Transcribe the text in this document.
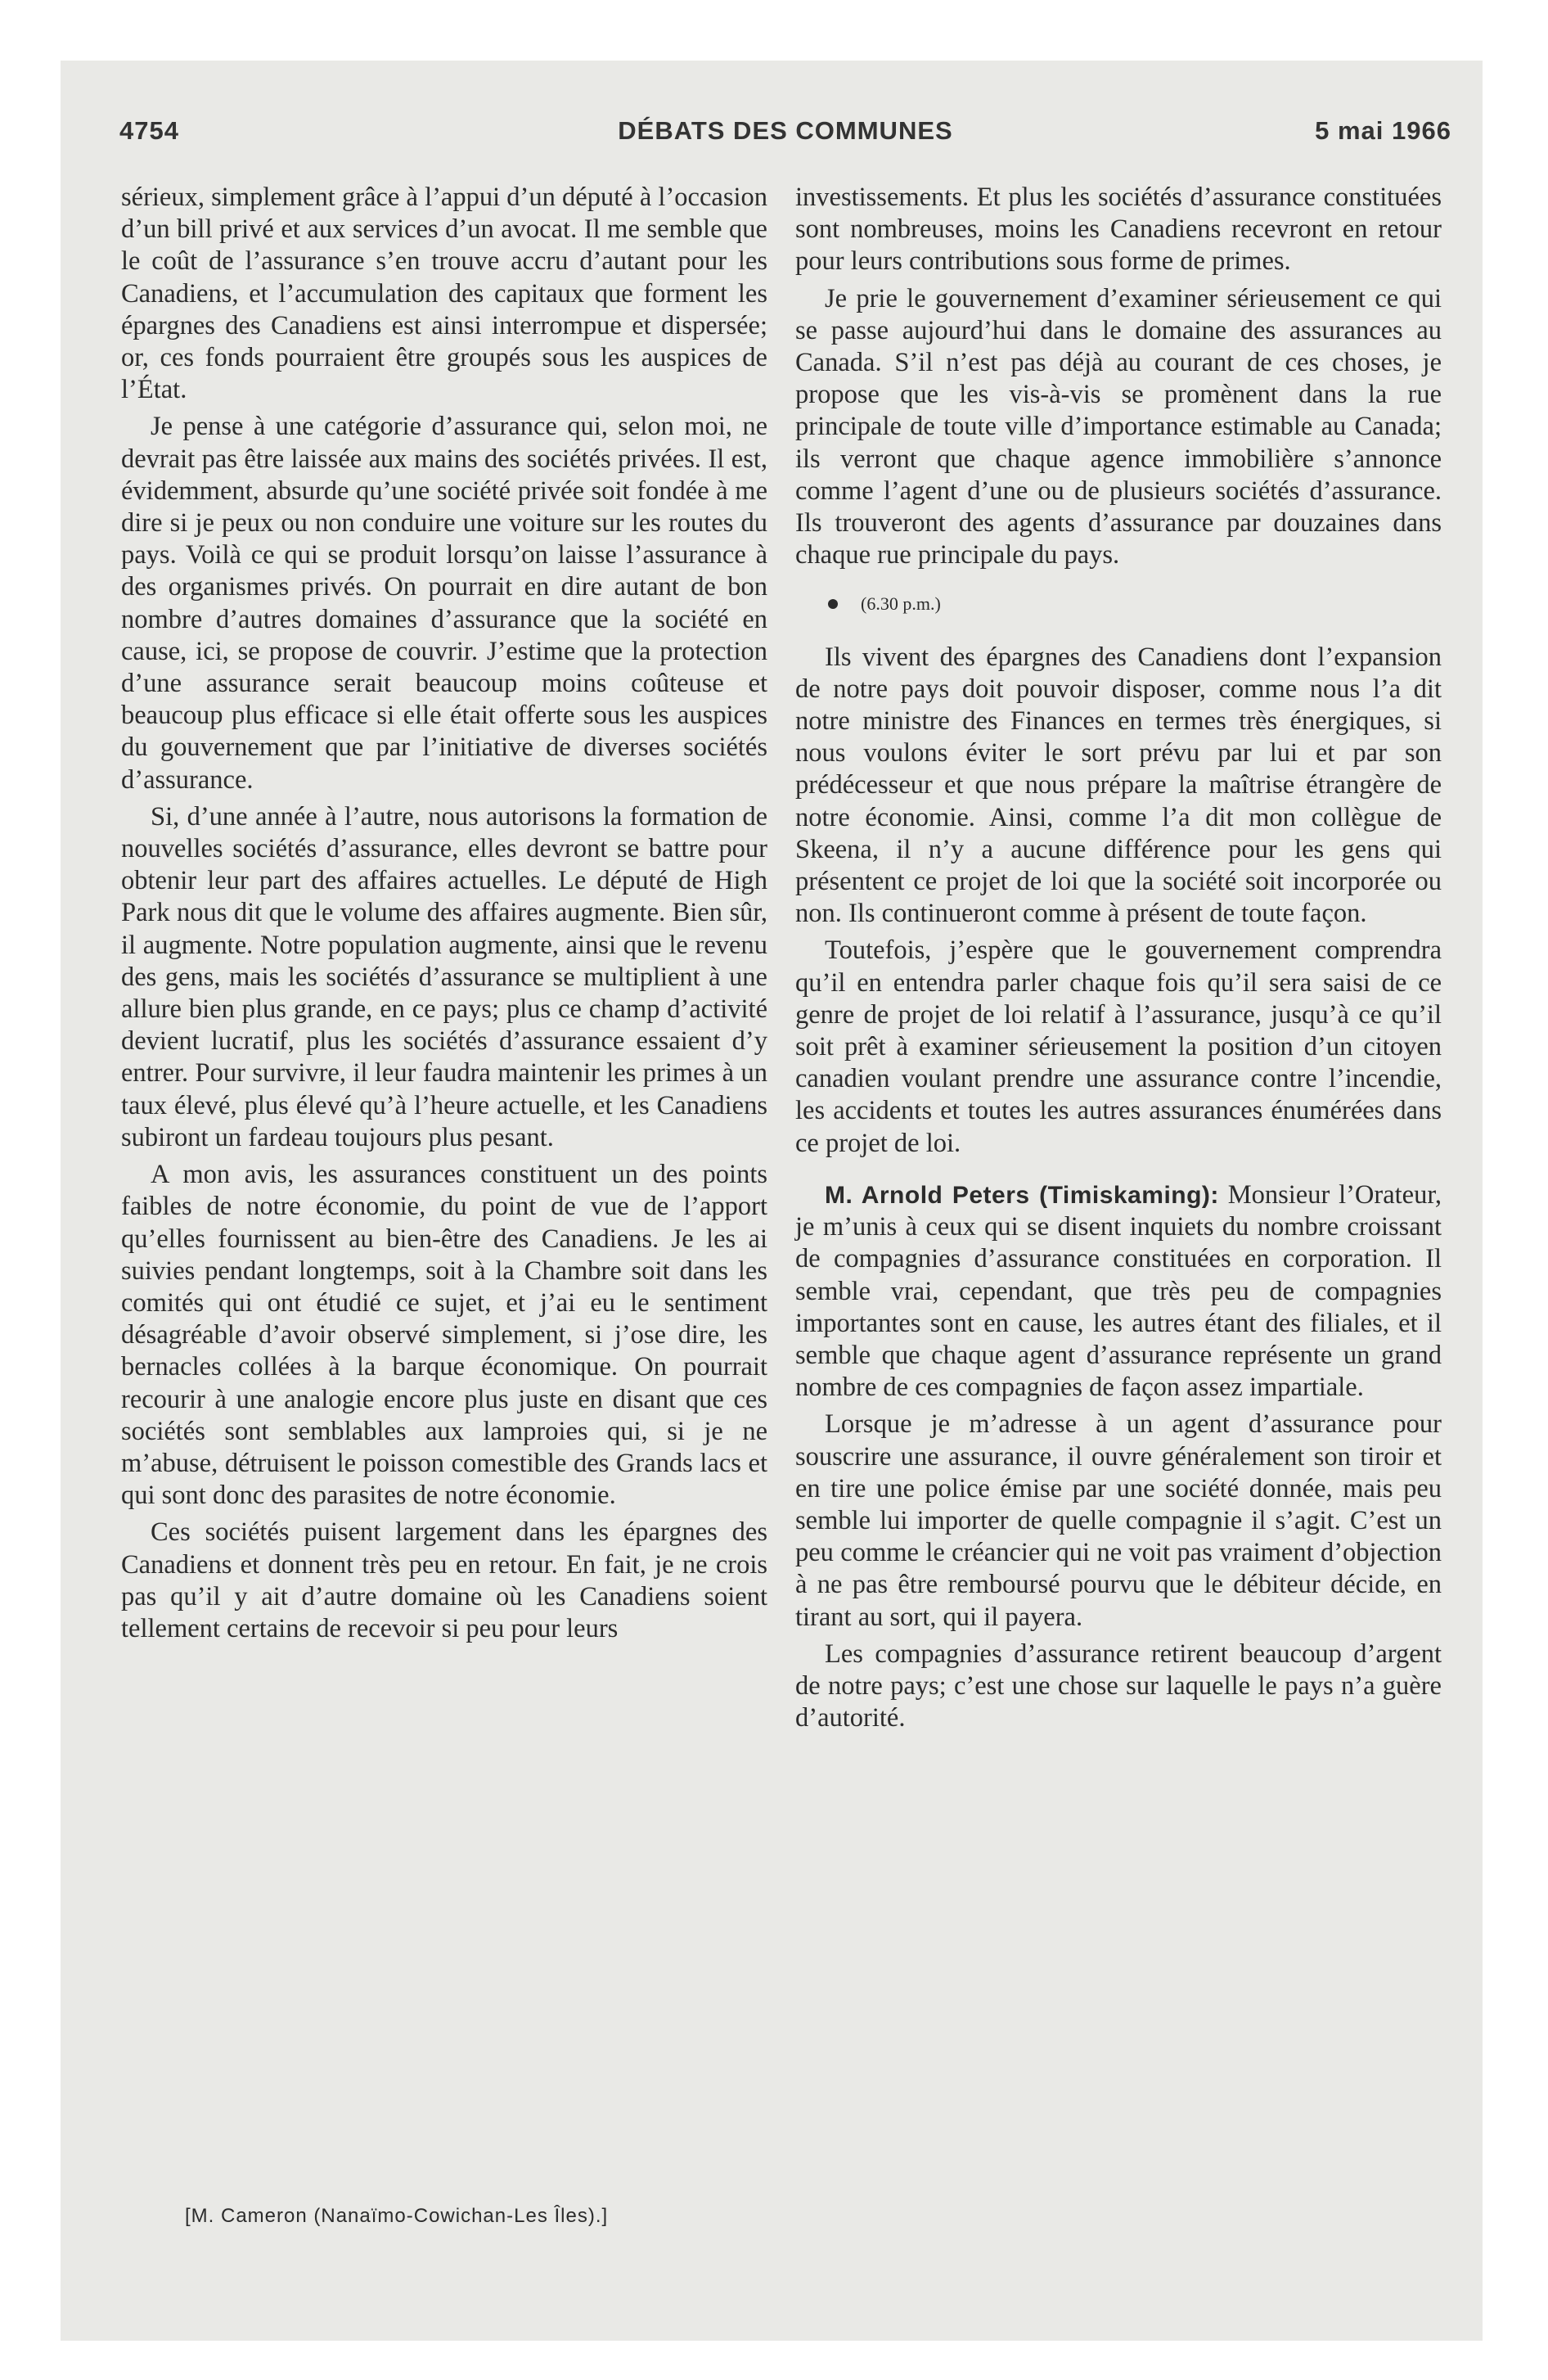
4754	DÉBATS DES COMMUNES	5 mai 1966

sérieux, simplement grâce à l’appui d’un député à l’occasion d’un bill privé et aux services d’un avocat. Il me semble que le coût de l’assurance s’en trouve accru d’autant pour les Canadiens, et l’accumulation des capitaux que forment les épargnes des Canadiens est ainsi interrompue et dispersée; or, ces fonds pourraient être groupés sous les auspices de l’État.

Je pense à une catégorie d’assurance qui, selon moi, ne devrait pas être laissée aux mains des sociétés privées. Il est, évidemment, absurde qu’une société privée soit fondée à me dire si je peux ou non conduire une voiture sur les routes du pays. Voilà ce qui se produit lorsqu’on laisse l’assurance à des organismes privés. On pourrait en dire autant de bon nombre d’autres domaines d’assurance que la société en cause, ici, se propose de couvrir. J’estime que la protection d’une assurance serait beaucoup moins coûteuse et beaucoup plus efficace si elle était offerte sous les auspices du gouvernement que par l’initiative de diverses sociétés d’assurance.

Si, d’une année à l’autre, nous autorisons la formation de nouvelles sociétés d’assurance, elles devront se battre pour obtenir leur part des affaires actuelles. Le député de High Park nous dit que le volume des affaires augmente. Bien sûr, il augmente. Notre population augmente, ainsi que le revenu des gens, mais les sociétés d’assurance se multiplient à une allure bien plus grande, en ce pays; plus ce champ d’activité devient lucratif, plus les sociétés d’assurance essaient d’y entrer. Pour survivre, il leur faudra maintenir les primes à un taux élevé, plus élevé qu’à l’heure actuelle, et les Canadiens subiront un fardeau toujours plus pesant.

A mon avis, les assurances constituent un des points faibles de notre économie, du point de vue de l’apport qu’elles fournissent au bien-être des Canadiens. Je les ai suivies pendant longtemps, soit à la Chambre soit dans les comités qui ont étudié ce sujet, et j’ai eu le sentiment désagréable d’avoir observé simplement, si j’ose dire, les bernacles collées à la barque économique. On pourrait recourir à une analogie encore plus juste en disant que ces sociétés sont semblables aux lamproies qui, si je ne m’abuse, détruisent le poisson comestible des Grands lacs et qui sont donc des parasites de notre économie.

Ces sociétés puisent largement dans les épargnes des Canadiens et donnent très peu en retour. En fait, je ne crois pas qu’il y ait d’autre domaine où les Canadiens soient tellement certains de recevoir si peu pour leurs

[M. Cameron (Nanaïmo-Cowichan-Les Îles).]

investissements. Et plus les sociétés d’assurance constituées sont nombreuses, moins les Canadiens recevront en retour pour leurs contributions sous forme de primes.

Je prie le gouvernement d’examiner sérieusement ce qui se passe aujourd’hui dans le domaine des assurances au Canada. S’il n’est pas déjà au courant de ces choses, je propose que les vis-à-vis se promènent dans la rue principale de toute ville d’importance estimable au Canada; ils verront que chaque agence immobilière s’annonce comme l’agent d’une ou de plusieurs sociétés d’assurance. Ils trouveront des agents d’assurance par douzaines dans chaque rue principale du pays.

(6.30 p.m.)

Ils vivent des épargnes des Canadiens dont l’expansion de notre pays doit pouvoir disposer, comme nous l’a dit notre ministre des Finances en termes très énergiques, si nous voulons éviter le sort prévu par lui et par son prédécesseur et que nous prépare la maîtrise étrangère de notre économie. Ainsi, comme l’a dit mon collègue de Skeena, il n’y a aucune différence pour les gens qui présentent ce projet de loi que la société soit incorporée ou non. Ils continueront comme à présent de toute façon.

Toutefois, j’espère que le gouvernement comprendra qu’il en entendra parler chaque fois qu’il sera saisi de ce genre de projet de loi relatif à l’assurance, jusqu’à ce qu’il soit prêt à examiner sérieusement la position d’un citoyen canadien voulant prendre une assurance contre l’incendie, les accidents et toutes les autres assurances énumérées dans ce projet de loi.

M. Arnold Peters (Timiskaming): Monsieur l’Orateur, je m’unis à ceux qui se disent inquiets du nombre croissant de compagnies d’assurance constituées en corporation. Il semble vrai, cependant, que très peu de compagnies importantes sont en cause, les autres étant des filiales, et il semble que chaque agent d’assurance représente un grand nombre de ces compagnies de façon assez impartiale.

Lorsque je m’adresse à un agent d’assurance pour souscrire une assurance, il ouvre généralement son tiroir et en tire une police émise par une société donnée, mais peu semble lui importer de quelle compagnie il s’agit. C’est un peu comme le créancier qui ne voit pas vraiment d’objection à ne pas être remboursé pourvu que le débiteur décide, en tirant au sort, qui il payera.

Les compagnies d’assurance retirent beaucoup d’argent de notre pays; c’est une chose sur laquelle le pays n’a guère d’autorité.
